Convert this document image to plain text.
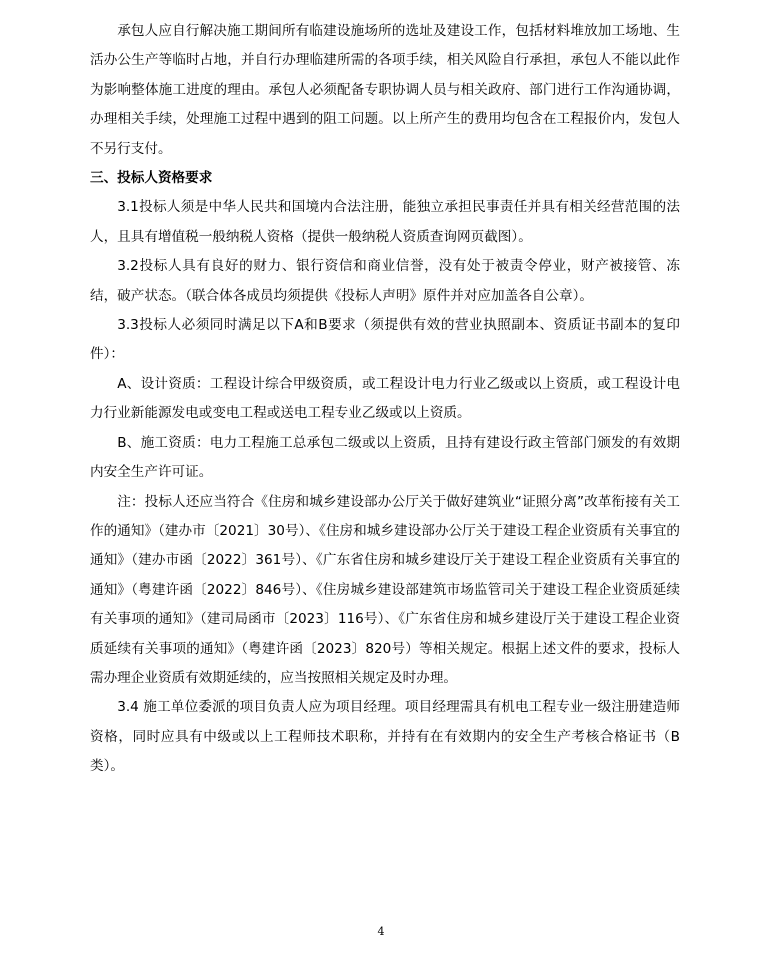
承包人应自行解决施工期间所有临建设施场所的选址及建设工作，包括材料堆放加工场地、生活办公生产等临时占地，并自行办理临建所需的各项手续，相关风险自行承担，承包人不能以此作为影响整体施工进度的理由。承包人必须配备专职协调人员与相关政府、部门进行工作沟通协调，办理相关手续，处理施工过程中遇到的阻工问题。以上所产生的费用均包含在工程报价内，发包人不另行支付。

三、投标人资格要求

3.1投标人须是中华人民共和国境内合法注册，能独立承担民事责任并具有相关经营范围的法人，且具有增值税一般纳税人资格（提供一般纳税人资质查询网页截图）。

3.2投标人具有良好的财力、银行资信和商业信誉，没有处于被责令停业，财产被接管、冻结，破产状态。（联合体各成员均须提供《投标人声明》原件并对应加盖各自公章）。

3.3投标人必须同时满足以下A和B要求（须提供有效的营业执照副本、资质证书副本的复印件）：

A、设计资质：工程设计综合甲级资质，或工程设计电力行业乙级或以上资质，或工程设计电力行业新能源发电或变电工程或送电工程专业乙级或以上资质。

B、施工资质：电力工程施工总承包二级或以上资质，且持有建设行政主管部门颁发的有效期内安全生产许可证。

注：投标人还应当符合《住房和城乡建设部办公厅关于做好建筑业“证照分离”改革衔接有关工作的通知》（建办市〔2021〕30号）、《住房和城乡建设部办公厅关于建设工程企业资质有关事宜的通知》（建办市函〔2022〕361号）、《广东省住房和城乡建设厅关于建设工程企业资质有关事宜的通知》（粤建许函〔2022〕846号）、《住房城乡建设部建筑市场监管司关于建设工程企业资质延续有关事项的通知》（建司局函市〔2023〕116号）、《广东省住房和城乡建设厅关于建设工程企业资质延续有关事项的通知》（粤建许函〔2023〕820号）等相关规定。根据上述文件的要求，投标人需办理企业资质有效期延续的，应当按照相关规定及时办理。

3.4 施工单位委派的项目负责人应为项目经理。项目经理需具有机电工程专业一级注册建造师资格，同时应具有中级或以上工程师技术职称，并持有在有效期内的安全生产考核合格证书（B类）。

4
